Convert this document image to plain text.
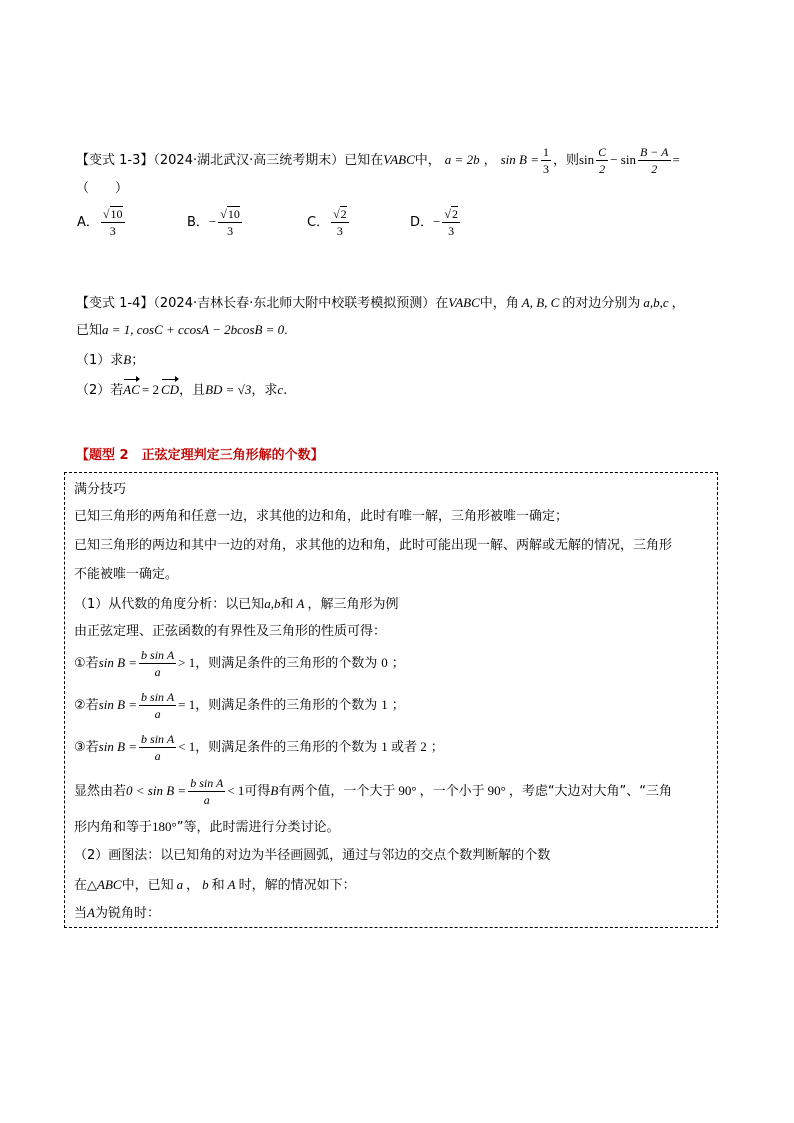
【变式 1-3】（2024·湖北武汉·高三统考期末）已知在VABC中， a = 2b ， $\sin B = \frac{1}{3}$ ，则$\sin \frac{C}{2} - \sin \frac{B - A}{2}$ =
（　　）
A． $\frac{√10}{3}$	B．− $\frac{√10}{3}$	C． $\frac{√2}{3}$	D．− $\frac{√2}{3}$
【变式 1-4】（2024·吉林长春·东北师大附中校联考模拟预测）在VABC中，角 A, B, C 的对边分别为 a,b,c ，
已知a = 1, cosC + ccosA − 2bcosB = 0.
（1）求B；
（2）若AC = 2 CD，且BD = √3，求c.
【题型 2　正弦定理判定三角形解的个数】
满分技巧
已知三角形的两角和任意一边，求其他的边和角，此时有唯一解，三角形被唯一确定；
已知三角形的两边和其中一边的对角，求其他的边和角，此时可能出现一解、两解或无解的情况，三角形
不能被唯一确定。
（1）从代数的角度分析：以已知a,b和 A ，解三角形为例
由正弦定理、正弦函数的有界性及三角形的性质可得：
①若$\sin B = \frac{\text{b sin A}}{a} > 1$，则满足条件的三角形的个数为 0 ；
②若$\sin B = \frac{\text{b sin A}}{a} = 1$，则满足条件的三角形的个数为 1 ；
③若$\sin B = \frac{\text{b sin A}}{a} < 1$，则满足条件的三角形的个数为 1 或者 2 ；
显然由若$0 < \sin B = \frac{\text{b sin A}}{a} < 1$可得B有两个值，一个大于 90° ，一个小于 90° ，考虑“大边对大角”、“三角
形内角和等于180°”等，此时需进行分类讨论。
（2）画图法：以已知角的对边为半径画圆弧，通过与邻边的交点个数判断解的个数
在△ABC中，已知 a ， b 和 A 时，解的情况如下：
当A为锐角时：
